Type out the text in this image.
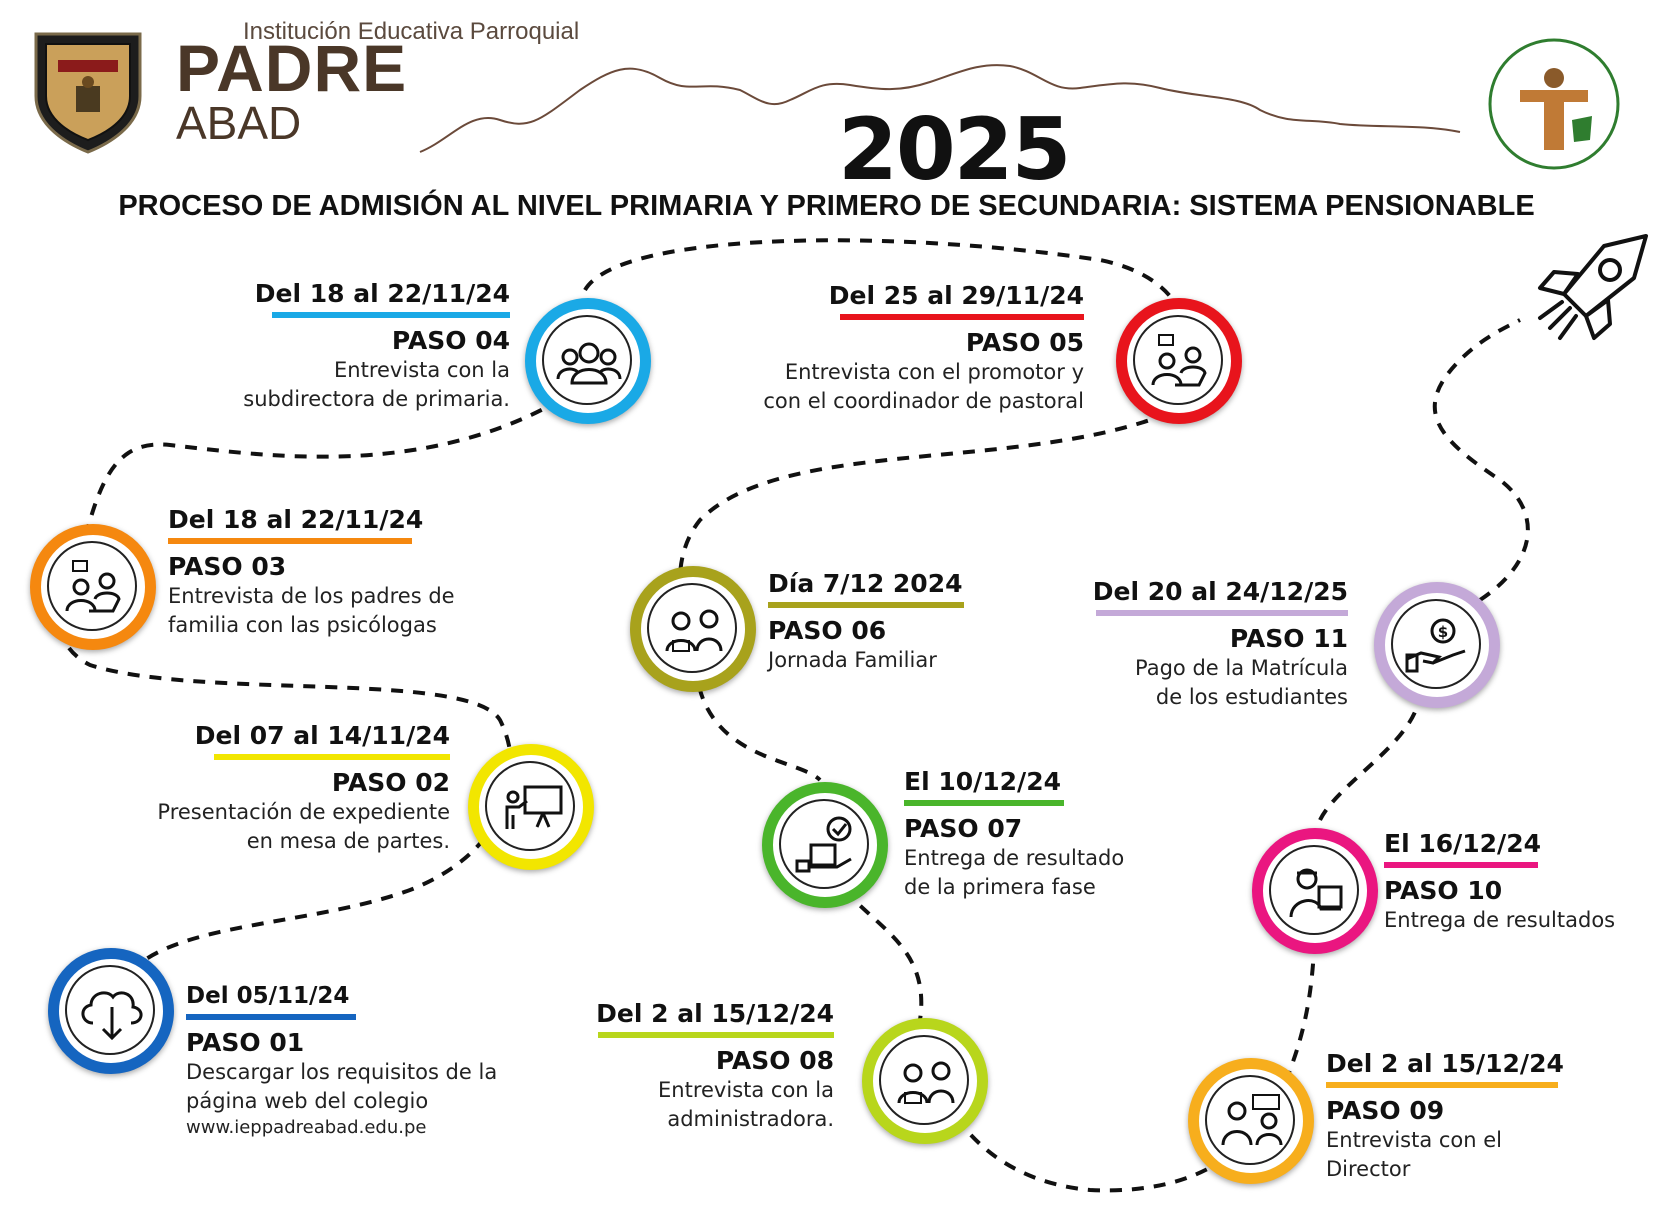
Institución Educativa Parroquial
PADRE
ABAD	2025
PROCESO DE ADMISIÓN AL NIVEL PRIMARIA Y PRIMERO DE SECUNDARIA: SISTEMA PENSIONABLE
$
Del 05/11/24
PASO 01
Descargar los requisitos de la
página web del colegio
www.ieppadreabad.edu.pe
Del 07 al 14/11/24
PASO 02
Presentación de expediente
en mesa de partes.
Del 18 al 22/11/24
PASO 03
Entrevista de los padres de
familia con las psicólogas
Del 18 al 22/11/24
PASO 04
Entrevista con la
subdirectora de primaria.
Del 25 al 29/11/24
PASO 05
Entrevista con el promotor y
con el coordinador de pastoral
Día 7/12 2024
PASO 06
Jornada Familiar
El 10/12/24
PASO 07
Entrega de resultado
de la primera fase
Del 2 al 15/12/24
PASO 08
Entrevista con la
administradora.
Del 2 al 15/12/24
PASO 09
Entrevista con el
Director
El 16/12/24
PASO 10
Entrega de resultados
Del 20 al 24/12/25
PASO 11
Pago de la Matrícula
de los estudiantes
